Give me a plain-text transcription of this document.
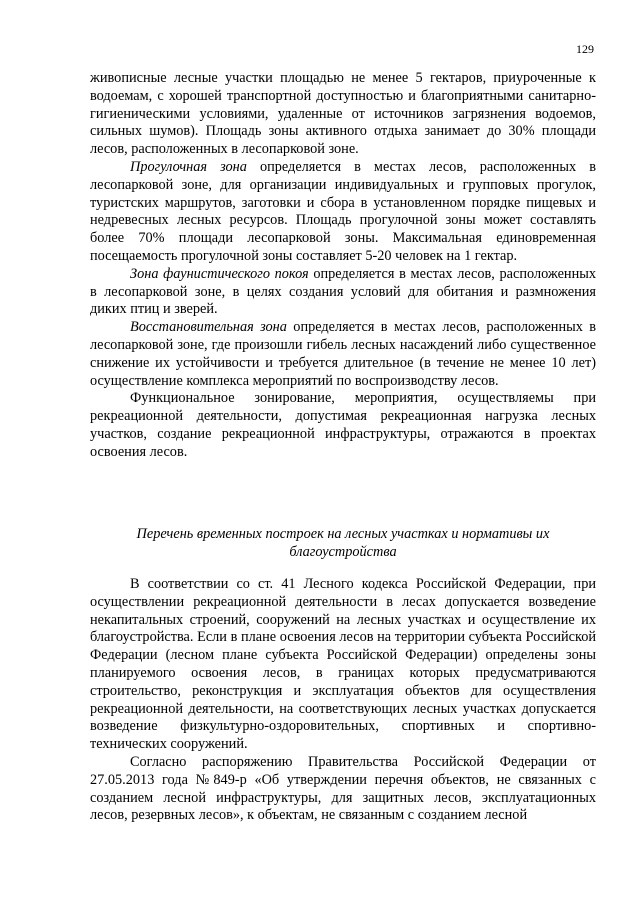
129

живописные лесные участки площадью не менее 5 гектаров, приуроченные к водоемам, с хорошей транспортной доступностью и благоприятными санитарно-гигиеническими условиями, удаленные от источников загрязнения водоемов, сильных шумов). Площадь зоны активного отдыха занимает до 30% площади лесов, расположенных в лесопарковой зоне.

Прогулочная зона определяется в местах лесов, расположенных в лесопарковой зоне, для организации индивидуальных и групповых прогулок, туристских маршрутов, заготовки и сбора в установленном порядке пищевых и недревесных лесных ресурсов. Площадь прогулочной зоны может составлять более 70% площади лесопарковой зоны. Максимальная единовременная посещаемость прогулочной зоны составляет 5-20 человек на 1 гектар.

Зона фаунистического покоя определяется в местах лесов, расположенных в лесопарковой зоне, в целях создания условий для обитания и размножения диких птиц и зверей.

Восстановительная зона определяется в местах лесов, расположенных в лесопарковой зоне, где произошли гибель лесных насаждений либо существенное снижение их устойчивости и требуется длительное (в течение не менее 10 лет) осуществление комплекса мероприятий по воспроизводству лесов.

Функциональное зонирование, мероприятия, осуществляемы при рекреационной деятельности, допустимая рекреационная нагрузка лесных участков, создание рекреационной инфраструктуры, отражаются в проектах освоения лесов.

Перечень временных построек на лесных участках и нормативы их благоустройства

В соответствии со ст. 41 Лесного кодекса Российской Федерации, при осуществлении рекреационной деятельности в лесах допускается возведение некапитальных строений, сооружений на лесных участках и осуществление их благоустройства. Если в плане освоения лесов на территории субъекта Российской Федерации (лесном плане субъекта Российской Федерации) определены зоны планируемого освоения лесов, в границах которых предусматриваются строительство, реконструкция и эксплуатация объектов для осуществления рекреационной деятельности, на соответствующих лесных участках допускается возведение физкультурно-оздоровительных, спортивных и спортивно-технических сооружений.

Согласно распоряжению Правительства Российской Федерации от 27.05.2013 года №849-р «Об утверждении перечня объектов, не связанных с созданием лесной инфраструктуры, для защитных лесов, эксплуатационных лесов, резервных лесов», к объектам, не связанным с созданием лесной
